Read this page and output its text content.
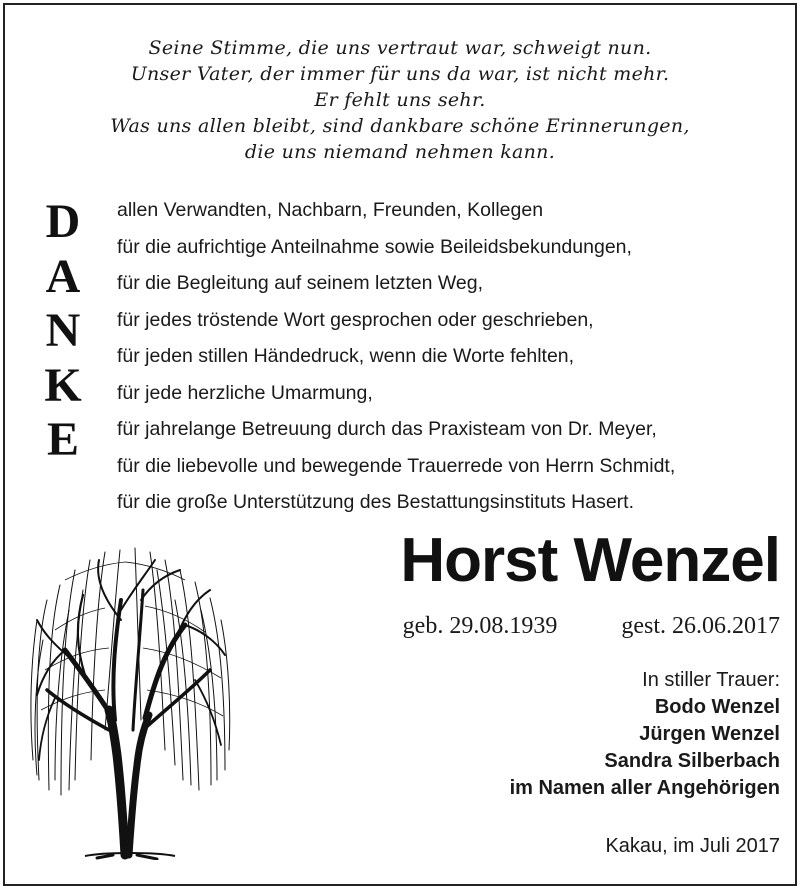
Seine Stimme, die uns vertraut war, schweigt nun.
Unser Vater, der immer für uns da war, ist nicht mehr.
Er fehlt uns sehr.
Was uns allen bleibt, sind dankbare schöne Erinnerungen,
die uns niemand nehmen kann.
D
A
N
K
E
allen Verwandten, Nachbarn, Freunden, Kollegen
für die aufrichtige Anteilnahme sowie Beileidsbekundungen,
für die Begleitung auf seinem letzten Weg,
für jedes tröstende Wort gesprochen oder geschrieben,
für jeden stillen Händedruck, wenn die Worte fehlten,
für jede herzliche Umarmung,
für jahrelange Betreuung durch das Praxisteam von Dr. Meyer,
für die liebevolle und bewegende Trauerrede von Herrn Schmidt,
für die große Unterstützung des Bestattungsinstituts Hasert.
Horst Wenzel
geb. 29.08.1939	gest. 26.06.2017
In stiller Trauer:
Bodo Wenzel
Jürgen Wenzel
Sandra Silberbach
im Namen aller Angehörigen
Kakau, im Juli 2017
